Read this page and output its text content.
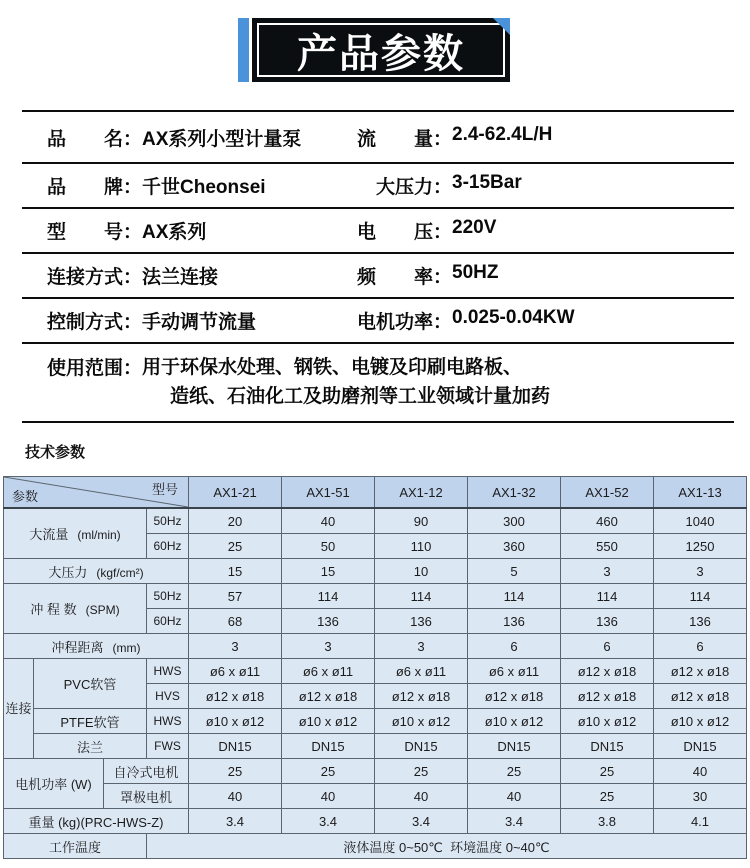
产品参数
品　　名： AX系列小型计量泵	流　　量： 2.4-62.4L/H
品　　牌： 千世Cheonsei	　大压力： 3-15Bar
型　　号： AX系列	电　　压： 220V
连接方式： 法兰连接	频　　率： 50HZ
控制方式： 手动调节流量	电机功率： 0.025-0.04KW
使用范围： 用于环保水处理、钢铁、电镀及印刷电路板、
造纸、石油化工及助磨剂等工业领域计量加药
技术参数
型号
参数				AX1-21	AX1-51	AX1-12	AX1-32	AX1-52	AX1-13
大流量 (ml/min)			50Hz	20	40	90	300	460	1040
			60Hz	25	50	110	360	550	1250
大压力 (kgf/cm²)				15	15	10	5	3	3
冲 程 数 (SPM)			50Hz	57	114	114	114	114	114
			60Hz	68	136	136	136	136	136
冲程距离 (mm)				3	3	3	6	6	6
连接	PVC软管		HWS	ø6 x ø11	ø6 x ø11	ø6 x ø11	ø6 x ø11	ø12 x ø18	ø12 x ø18
			HVS	ø12 x ø18	ø12 x ø18	ø12 x ø18	ø12 x ø18	ø12 x ø18	ø12 x ø18
	PTFE软管		HWS	ø10 x ø12	ø10 x ø12	ø10 x ø12	ø10 x ø12	ø10 x ø12	ø10 x ø12
	法兰		FWS	DN15	DN15	DN15	DN15	DN15	DN15
电机功率 (W)		自冷式电机		25	25	25	25	25	40
		罩极电机		40	40	40	40	25	30
重量 (kg)(PRC-HWS-Z)				3.4	3.4	3.4	3.4	3.8	4.1
工作温度			液体温度 0~50℃  环境温度 0~40℃						
